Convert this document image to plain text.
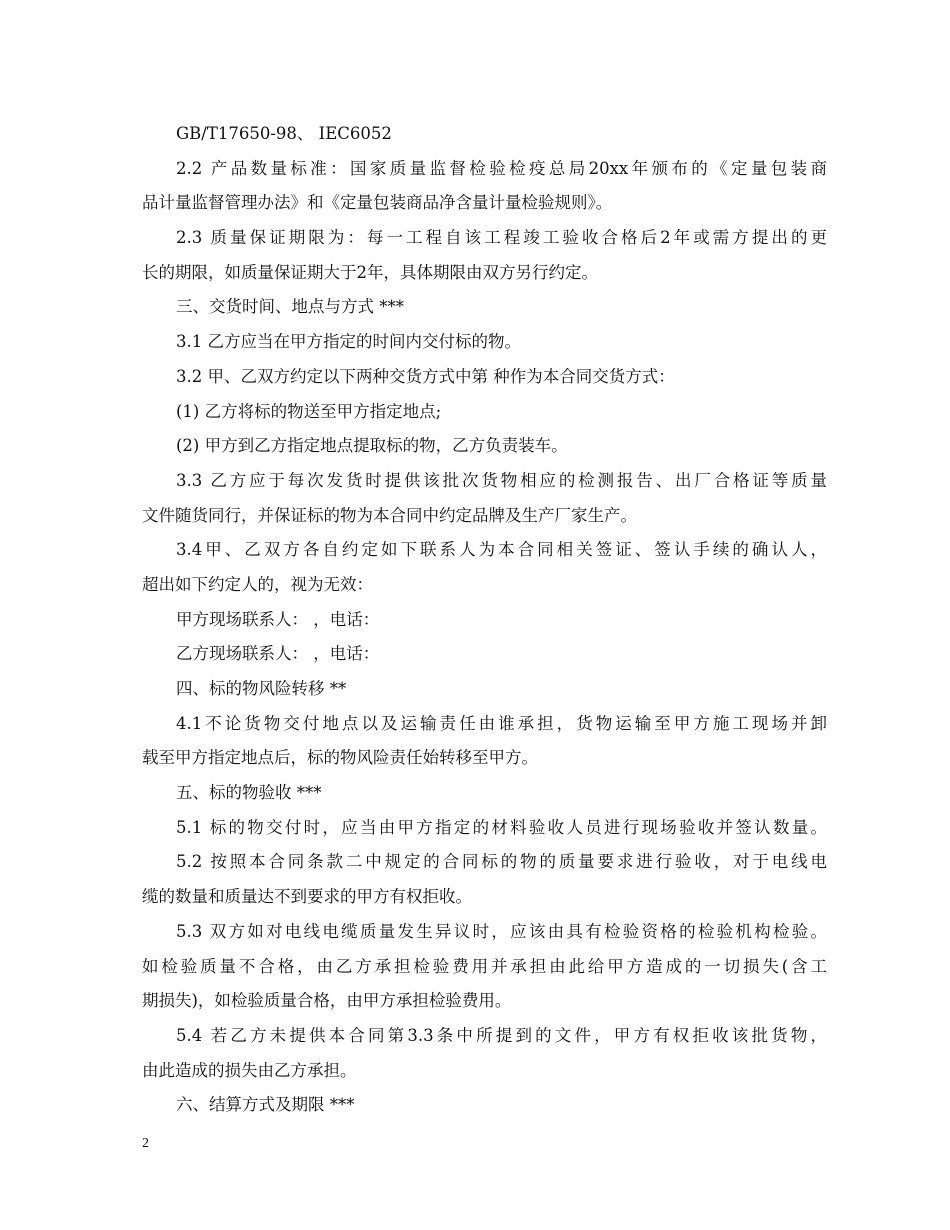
GB/T17650-98、 IEC6052
2.2 产品数量标准：国家质量监督检验检疫总局20xx年颁布的《定量包装商
品计量监督管理办法》和《定量包装商品净含量计量检验规则》。
2.3 质量保证期限为：每一工程自该工程竣工验收合格后2年或需方提出的更
长的期限，如质量保证期大于2年，具体期限由双方另行约定。
三、交货时间、地点与方式 ***
3.1 乙方应当在甲方指定的时间内交付标的物。
3.2 甲、乙双方约定以下两种交货方式中第 种作为本合同交货方式：
(1) 乙方将标的物送至甲方指定地点;
(2) 甲方到乙方指定地点提取标的物，乙方负责装车。
3.3 乙方应于每次发货时提供该批次货物相应的检测报告、出厂合格证等质量
文件随货同行，并保证标的物为本合同中约定品牌及生产厂家生产。
3.4甲、乙双方各自约定如下联系人为本合同相关签证、签认手续的确认人，
超出如下约定人的，视为无效：
甲方现场联系人： ，电话：
乙方现场联系人： ，电话：
四、标的物风险转移 **
4.1不论货物交付地点以及运输责任由谁承担，货物运输至甲方施工现场并卸
载至甲方指定地点后，标的物风险责任始转移至甲方。
五、标的物验收 ***
5.1 标的物交付时，应当由甲方指定的材料验收人员进行现场验收并签认数量。
5.2 按照本合同条款二中规定的合同标的物的质量要求进行验收，对于电线电
缆的数量和质量达不到要求的甲方有权拒收。
5.3 双方如对电线电缆质量发生异议时，应该由具有检验资格的检验机构检验。
如检验质量不合格，由乙方承担检验费用并承担由此给甲方造成的一切损失(含工
期损失)，如检验质量合格，由甲方承担检验费用。
5.4 若乙方未提供本合同第3.3条中所提到的文件，甲方有权拒收该批货物，
由此造成的损失由乙方承担。
六、结算方式及期限 ***
2
